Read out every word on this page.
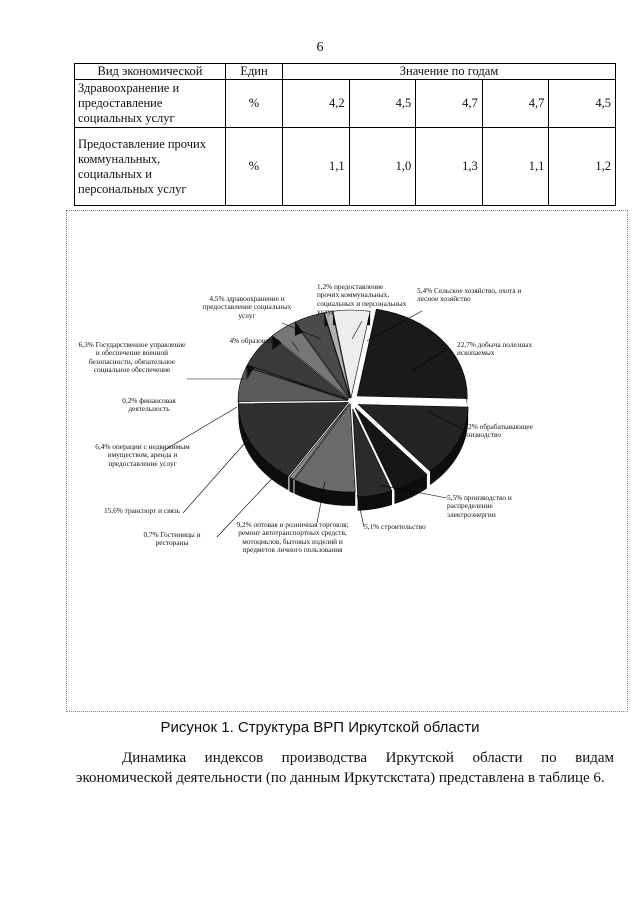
6
Вид экономической	Един	Значение по годам				
Здравоохранение и предоставление социальных услуг	%	4,2	4,5	4,7	4,7	4,5
Предоставление прочих коммунальных, социальных и персональных услуг	%	1,1	1,0	1,3	1,1	1,2
22,7% добыча полезных ископаемых
13,2% обрабатывающее производство
5,5% производство и распределение электроэнергии
5,1% строительство
9,2% оптовая и розничная торговля; ремонт автотранспортных средств, мотоциклов, бытовых изделий и предметов личного пользования
0,7% Гостиницы и рестораны
15,6% транспорт и связь
6,4% операции с недвижимым имуществом, аренда и предоставление услуг
0,2% финансовая деятельность
6,3% Государственное управление и обеспечение военной безопасности, обязательное социальное обеспечение
4% образование
4,5% здравоохранение и предоставление социальных услуг
1,2% предоставление прочих коммунальных, социальных и персональных услуг
5,4% Сельское хозяйство, охота и лесное хозяйство
Рисунок 1. Структура ВРП Иркутской области
Динамика индексов производства Иркутской области по видам экономической деятельности (по данным Иркутскстата) представлена в таблице 6.
